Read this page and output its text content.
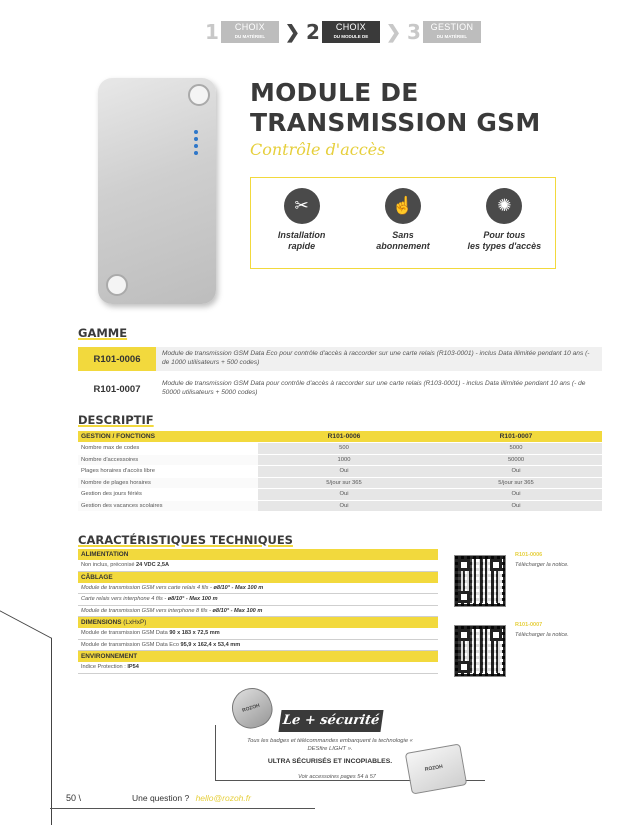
1	CHOIX
DU MATÉRIEL	❯ 2	CHOIX
DU MODULE DE TRANSMISSION GSM
❯ 3	GESTION
DU MATÉRIEL
MODULE DE
TRANSMISSION GSM
Contrôle d'accès
✂
Installation
rapide
☝
Sans
abonnement
✺
Pour tous
les types d'accès
GAMME
R101-0006	Module de transmission GSM Data Eco pour contrôle d'accès à raccorder sur une carte relais (R103-0001) - inclus Data illimitée pendant 10 ans (- de 1000 utilisateurs + 500 codes)
R101-0007	Module de transmission GSM Data pour contrôle d'accès à raccorder sur une carte relais (R103-0001) - inclus Data illimitée pendant 10 ans (- de 50000 utilisateurs + 5000 codes)
DESCRIPTIF
GESTION / FONCTIONS	R101-0006	R101-0007
Nombre max de codes	500	5000
Nombre d'accessoires	1000	50000
Plages horaires d'accès libre	Oui	Oui
Nombre de plages horaires	5/jour sur 365	5/jour sur 365
Gestion des jours fériés	Oui	Oui
Gestion des vacances scolaires	Oui	Oui
CARACTÉRISTIQUES TECHNIQUES
ALIMENTATION
Non inclus, préconisé 24 VDC 2,5A
CÂBLAGE
Module de transmission GSM vers carte relais 4 fils - ø8/10° - Max 100 m
Carte relais vers interphone 4 fils - ø8/10° - Max 100 m
Module de transmission GSM vers interphone 8 fils - ø8/10° - Max 100 m
DIMENSIONS (LxHxP)
Module de transmission GSM Data 90 x 183 x 72,5 mm
Module de transmission GSM Data Eco 95,9 x 162,4 x 53,4 mm
ENVIRONNEMENT
Indice Protection : IP54
R101-0006
Télécharger la notice.
R101-0007
Télécharger la notice.
ROZOH
Le + sécurité
Tous les badges et télécommandes embarquent la technologie « DESfire LIGHT ».
ULTRA SÉCURISÉS ET INCOPIABLES.
Voir accessoires pages 54 à 57
ROZOH
50 \	Une question ? hello@rozoh.fr
